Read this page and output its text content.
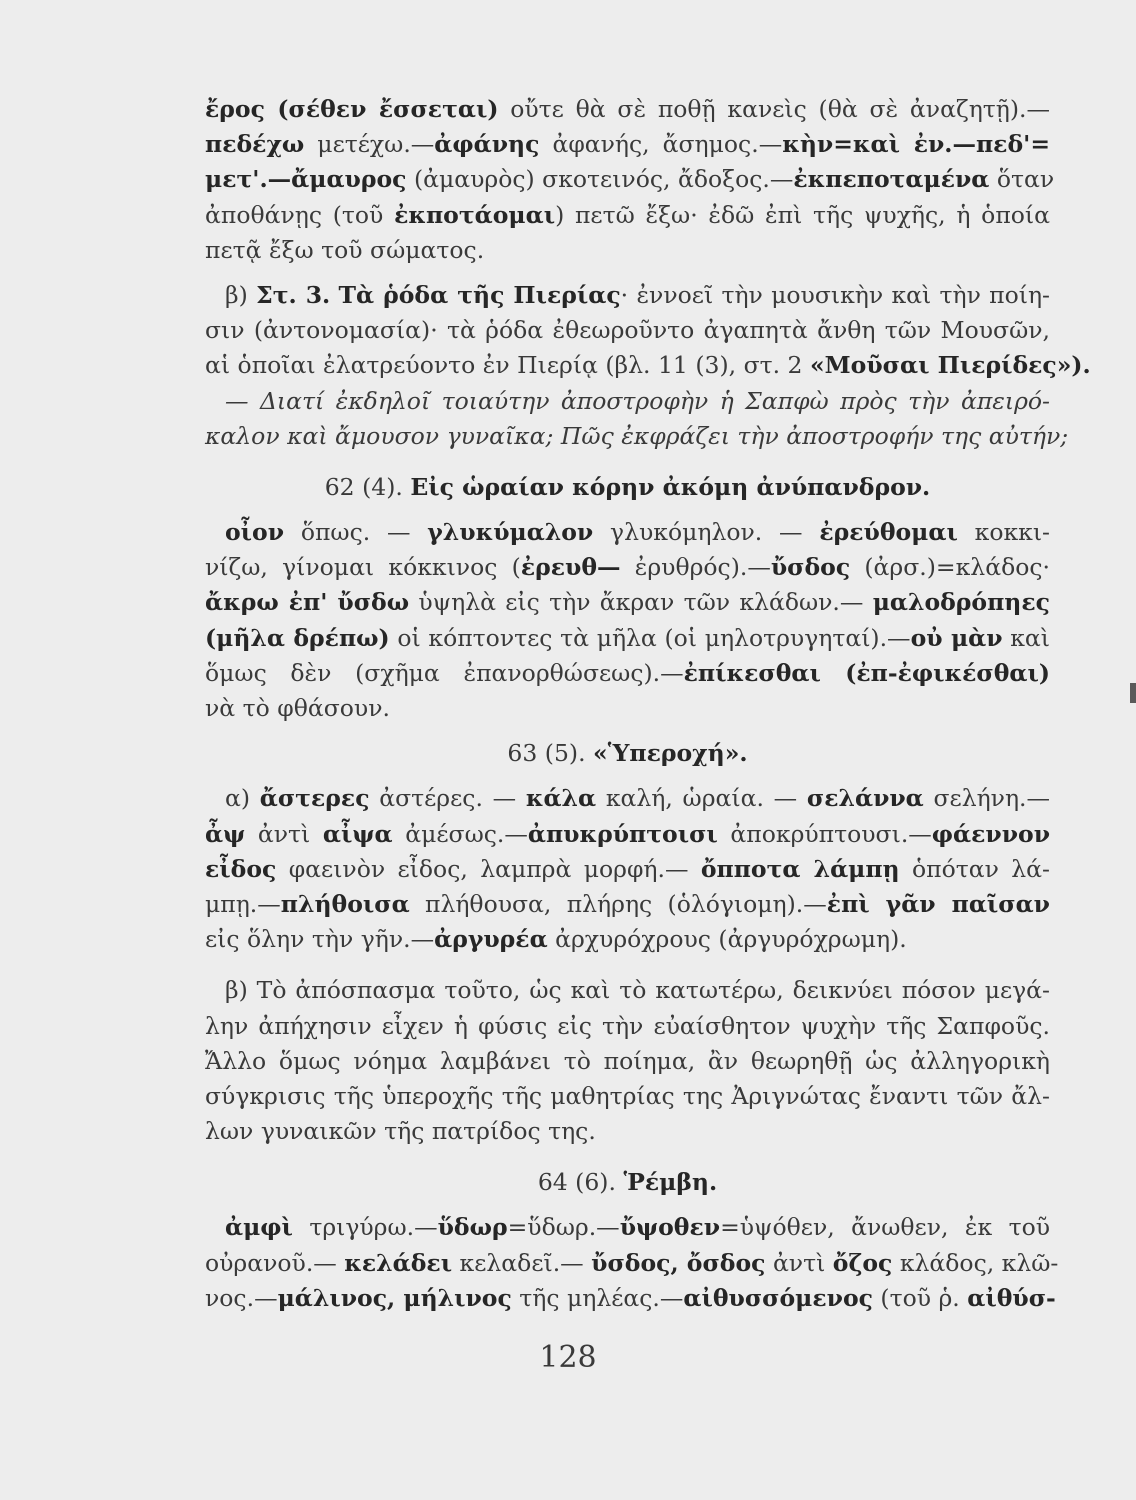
ἔρος (σέθεν ἔσσεται) οὔτε θὰ σὲ ποθῇ κανεὶς (θὰ σὲ ἀναζητῇ).—
πεδέχω μετέχω.—ἀφάνης ἀφανής, ἄσημος.—κὴν=καὶ ἐν.—πεδ'=
μετ'.—ἄμαυρος (ἀμαυρὸς) σκοτεινός, ἄδοξος.—ἐκπεποταμένα ὅταν
ἀποθάνῃς (τοῦ ἐκποτάομαι) πετῶ ἔξω· ἐδῶ ἐπὶ τῆς ψυχῆς, ἡ ὁποία
πετᾷ ἔξω τοῦ σώματος.
β) Στ. 3. Τὰ ῥόδα τῆς Πιερίας· ἐννοεῖ τὴν μουσικὴν καὶ τὴν ποίη-
σιν (ἀντονομασία)· τὰ ῥόδα ἐθεωροῦντο ἀγαπητὰ ἄνθη τῶν Μουσῶν,
αἱ ὁποῖαι ἐλατρεύοντο ἐν Πιερίᾳ (βλ. 11 (3), στ. 2 «Μοῦσαι Πιερίδες»).
— Διατί ἐκδηλοῖ τοιαύτην ἀποστροφὴν ἡ Σαπφὼ πρὸς τὴν ἀπειρό-
καλον καὶ ἄμουσον γυναῖκα; Πῶς ἐκφράζει τὴν ἀποστροφήν της αὐτήν;
62 (4). Εἰς ὡραίαν κόρην ἀκόμη ἀνύπανδρον.
οἶον ὅπως. — γλυκύμαλον γλυκόμηλον. — ἐρεύθομαι κοκκι-
νίζω, γίνομαι κόκκινος (ἐρευθ— ἐρυθρός).—ὔσδος (ἀρσ.)=κλάδος·
ἄκρω ἐπ' ὔσδω ὑψηλὰ εἰς τὴν ἄκραν τῶν κλάδων.— μαλοδρόπηες
(μῆλα δρέπω) οἱ κόπτοντες τὰ μῆλα (οἱ μηλοτρυγηταί).—οὐ μὰν καὶ
ὅμως δὲν (σχῆμα ἐπανορθώσεως).—ἐπίκεσθαι (ἐπ-ἐφικέσθαι)
νὰ τὸ φθάσουν.
63 (5). «Ὑπεροχή».
α) ἄστερες ἀστέρες. — κάλα καλή, ὡραία. — σελάννα σελήνη.—
ἆψ ἀντὶ αἶψα ἀμέσως.—ἀπυκρύπτοισι ἀποκρύπτουσι.—φάεννον
εἶδος φαεινὸν εἶδος, λαμπρὰ μορφή.— ὄπποτα λάμπῃ ὁπόταν λά-
μπῃ.—πλήθοισα πλήθουσα, πλήρης (ὁλόγιομη).—ἐπὶ γᾶν παῖσαν
εἰς ὅλην τὴν γῆν.—ἀργυρέα ἀρχυρόχρους (ἀργυρόχρωμη).
β) Τὸ ἀπόσπασμα τοῦτο, ὡς καὶ τὸ κατωτέρω, δεικνύει πόσον μεγά-
λην ἀπήχησιν εἶχεν ἡ φύσις εἰς τὴν εὐαίσθητον ψυχὴν τῆς Σαπφοῦς.
Ἄλλο ὅμως νόημα λαμβάνει τὸ ποίημα, ἂν θεωρηθῇ ὡς ἀλληγορικὴ
σύγκρισις τῆς ὑπεροχῆς τῆς μαθητρίας της Ἀριγνώτας ἔναντι τῶν ἄλ-
λων γυναικῶν τῆς πατρίδος της.
64 (6). Ῥέμβη.
ἀμφὶ τριγύρω.—ὕδωρ=ὕδωρ.—ὔψοθεν=ὑψόθεν, ἄνωθεν, ἐκ τοῦ
οὐρανοῦ.— κελάδει κελαδεῖ.— ὔσδος, ὄσδος ἀντὶ ὄζος κλάδος, κλῶ-
νος.—μάλινος, μήλινος τῆς μηλέας.—αἰθυσσόμενος (τοῦ ῥ. αἰθύσ-
128
